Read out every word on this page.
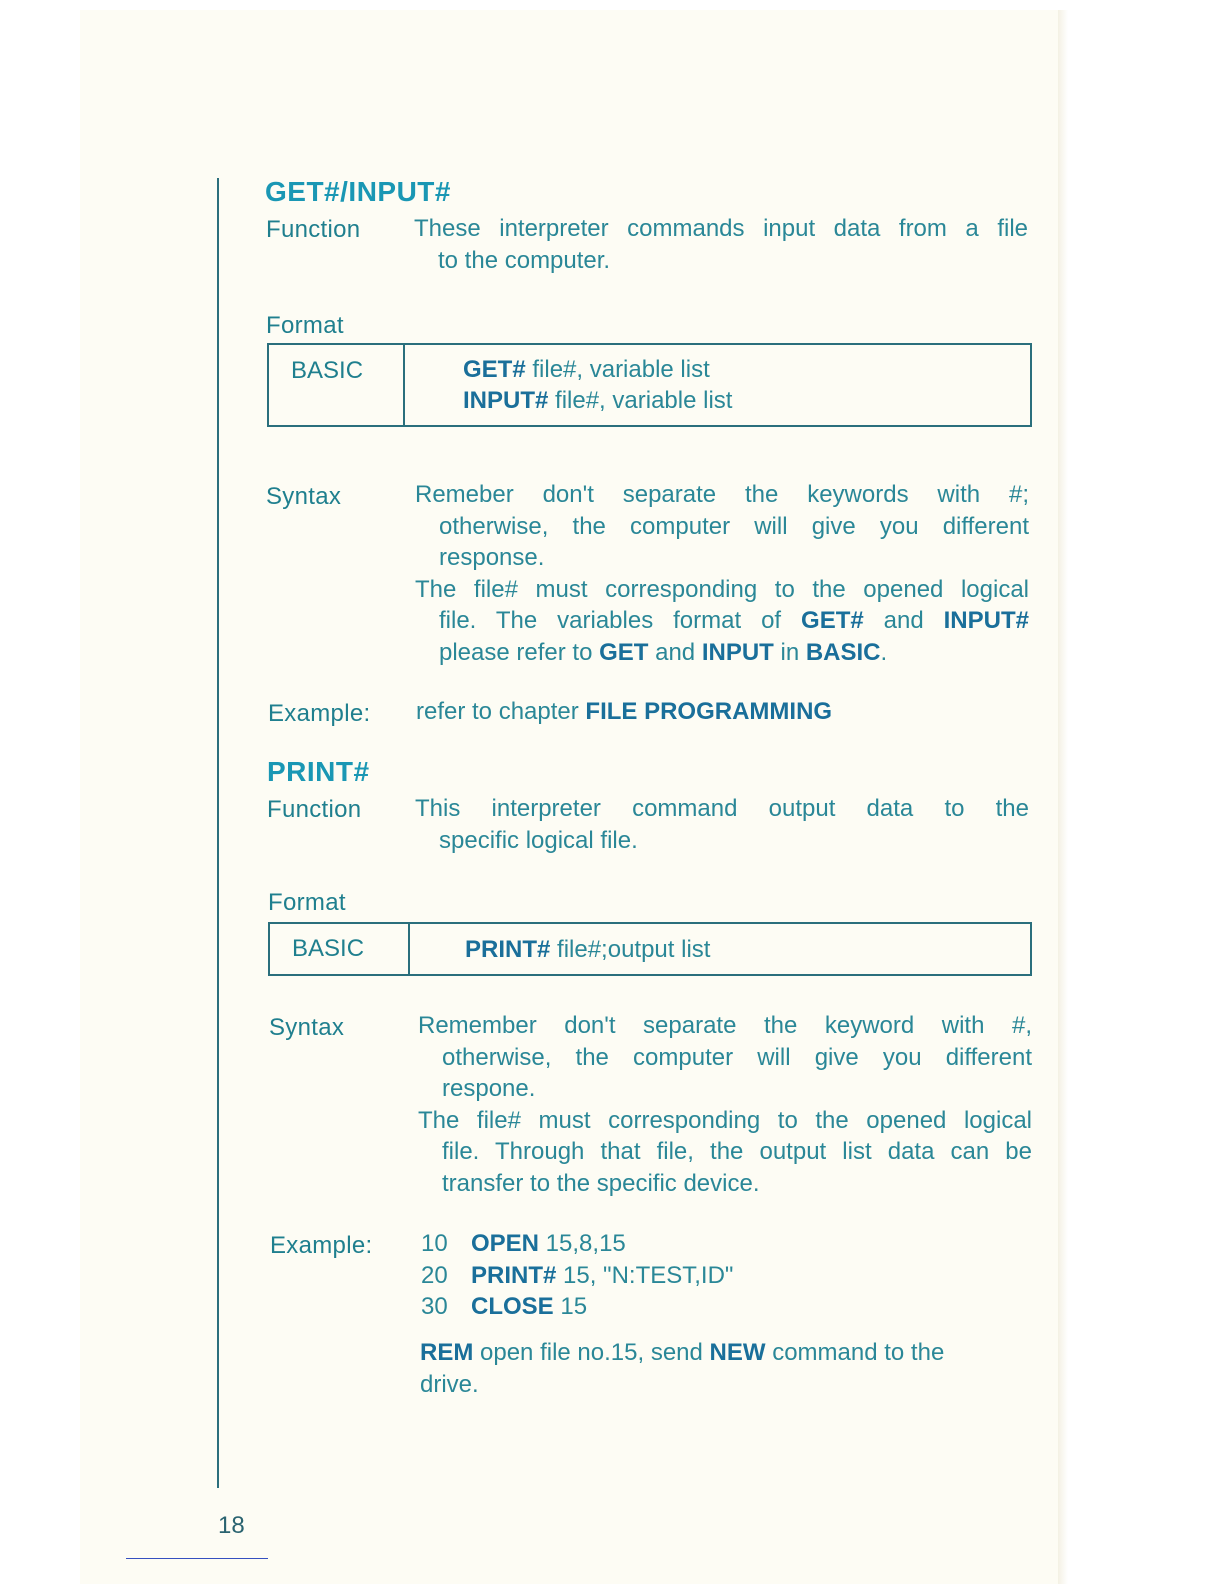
GET#/INPUT#
Function These interpreter commands input data from a file
to the computer.
Format
BASIC	GET# file#, variable list
INPUT# file#, variable list
Syntax	Remeber don't separate the keywords with #;
otherwise, the computer will give you different
response.
The file# must corresponding to the opened logical
file. The variables format of GET# and INPUT#
please refer to GET and INPUT in BASIC.
Example: refer to chapter FILE PROGRAMMING
PRINT#
Function This interpreter command output data to the
specific logical file.
Format
BASIC	PRINT# file#;output list
Syntax	Remember don't separate the keyword with #,
otherwise, the computer will give you different
respone.
The file# must corresponding to the opened logical
file. Through that file, the output list data can be
transfer to the specific device.
Example: 10 OPEN 15,8,15
20 PRINT# 15, "N:TEST,ID"
30 CLOSE 15
REM open file no.15, send NEW command to the
drive.
18
